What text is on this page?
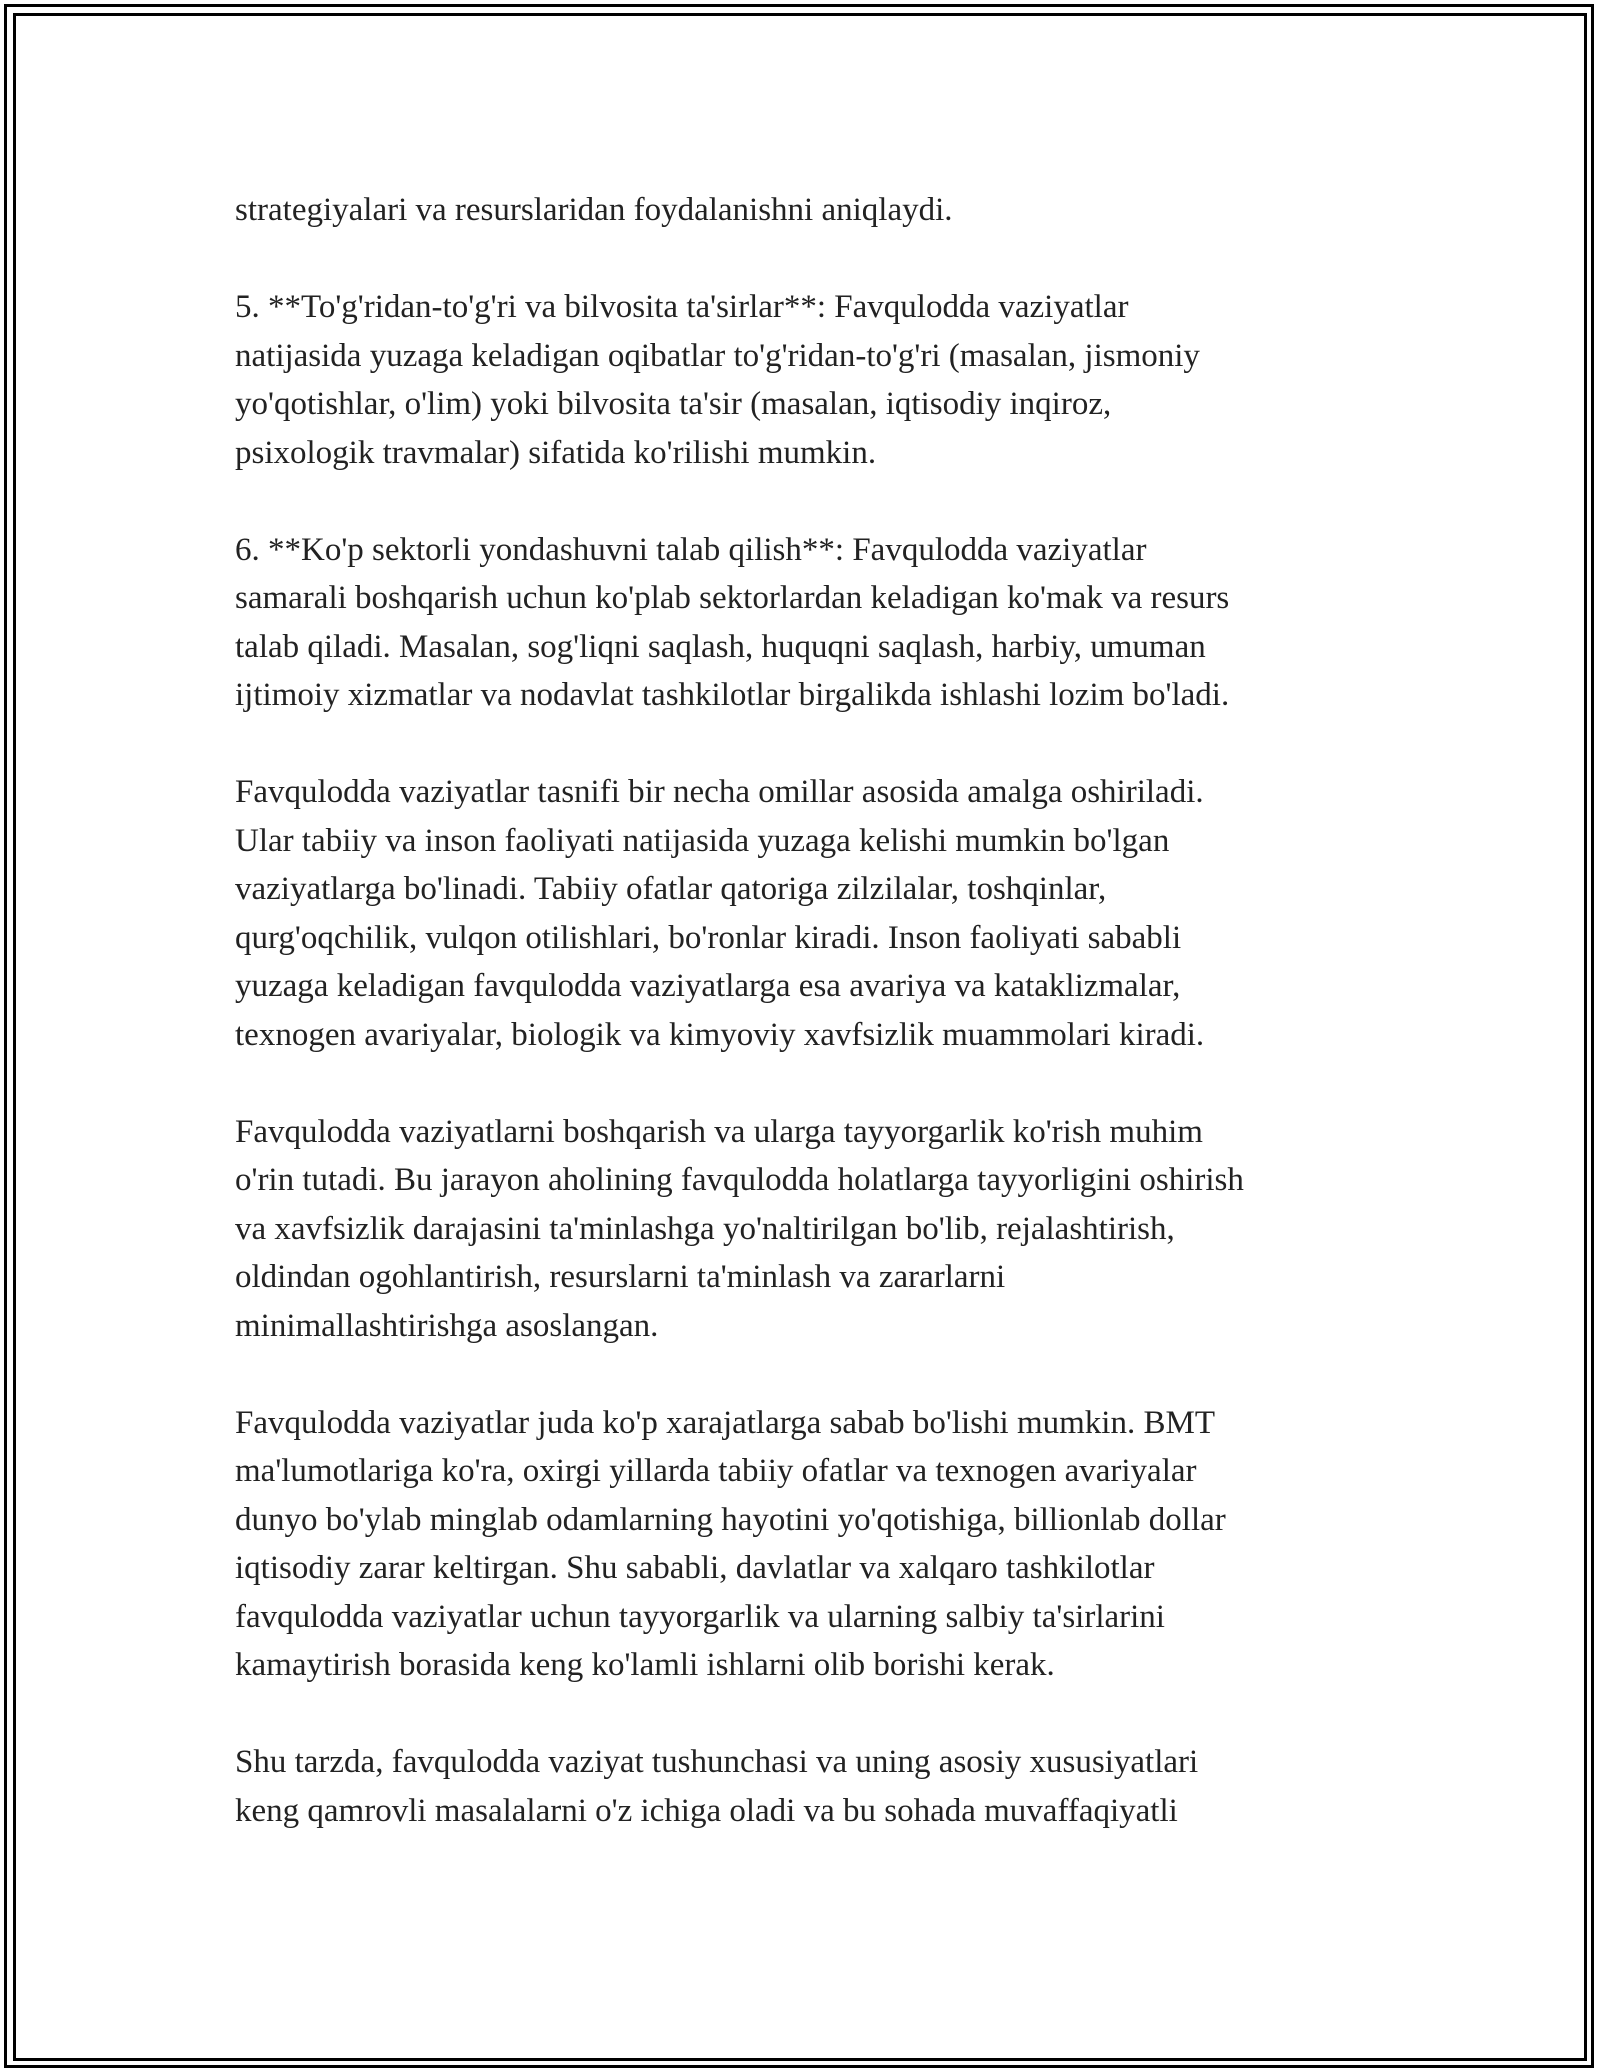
strategiyalari va resurslaridan foydalanishni aniqlaydi.

5. **To'g'ridan-to'g'ri va bilvosita ta'sirlar**: Favqulodda vaziyatlar
natijasida yuzaga keladigan oqibatlar to'g'ridan-to'g'ri (masalan, jismoniy
yo'qotishlar, o'lim) yoki bilvosita ta'sir (masalan, iqtisodiy inqiroz,
psixologik travmalar) sifatida ko'rilishi mumkin.

6. **Ko'p sektorli yondashuvni talab qilish**: Favqulodda vaziyatlar
samarali boshqarish uchun ko'plab sektorlardan keladigan ko'mak va resurs
talab qiladi. Masalan, sog'liqni saqlash, huquqni saqlash, harbiy, umuman
ijtimoiy xizmatlar va nodavlat tashkilotlar birgalikda ishlashi lozim bo'ladi.

Favqulodda vaziyatlar tasnifi bir necha omillar asosida amalga oshiriladi.
Ular tabiiy va inson faoliyati natijasida yuzaga kelishi mumkin bo'lgan
vaziyatlarga bo'linadi. Tabiiy ofatlar qatoriga zilzilalar, toshqinlar,
qurg'oqchilik, vulqon otilishlari, bo'ronlar kiradi. Inson faoliyati sababli
yuzaga keladigan favqulodda vaziyatlarga esa avariya va kataklizmalar,
texnogen avariyalar, biologik va kimyoviy xavfsizlik muammolari kiradi.

Favqulodda vaziyatlarni boshqarish va ularga tayyorgarlik ko'rish muhim
o'rin tutadi. Bu jarayon aholining favqulodda holatlarga tayyorligini oshirish
va xavfsizlik darajasini ta'minlashga yo'naltirilgan bo'lib, rejalashtirish,
oldindan ogohlantirish, resurslarni ta'minlash va zararlarni
minimallashtirishga asoslangan.

Favqulodda vaziyatlar juda ko'p xarajatlarga sabab bo'lishi mumkin. BMT
ma'lumotlariga ko'ra, oxirgi yillarda tabiiy ofatlar va texnogen avariyalar
dunyo bo'ylab minglab odamlarning hayotini yo'qotishiga, billionlab dollar
iqtisodiy zarar keltirgan. Shu sababli, davlatlar va xalqaro tashkilotlar
favqulodda vaziyatlar uchun tayyorgarlik va ularning salbiy ta'sirlarini
kamaytirish borasida keng ko'lamli ishlarni olib borishi kerak.

Shu tarzda, favqulodda vaziyat tushunchasi va uning asosiy xususiyatlari
keng qamrovli masalalarni o'z ichiga oladi va bu sohada muvaffaqiyatli
